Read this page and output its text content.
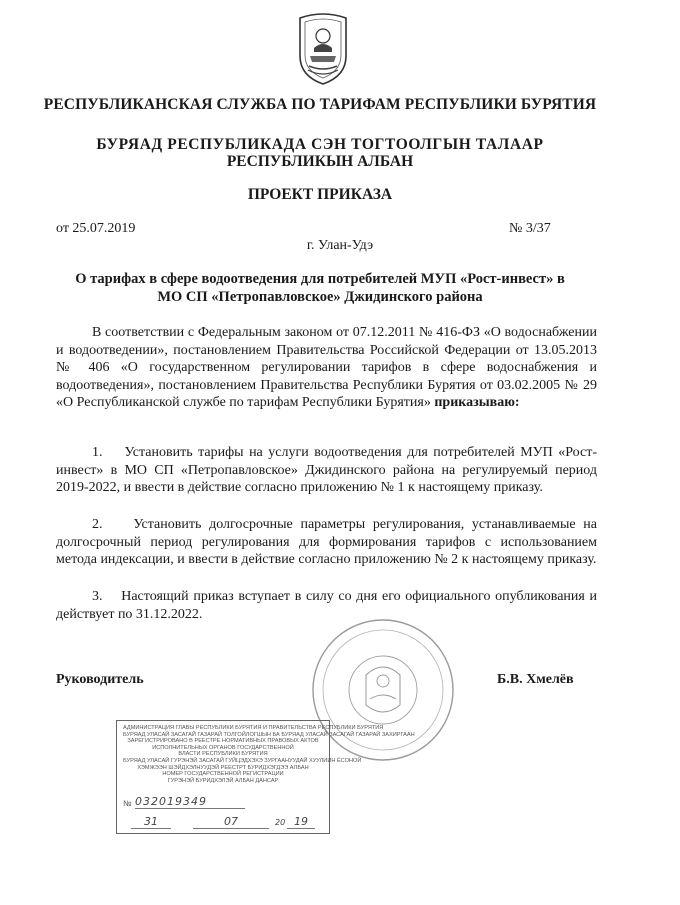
РЕСПУБЛИКАНСКАЯ СЛУЖБА ПО ТАРИФАМ РЕСПУБЛИКИ БУРЯТИЯ
БУРЯАД РЕСПУБЛИКАДА СЭН ТОГТООЛГЫН ТАЛААР
РЕСПУБЛИКЫН АЛБАН
ПРОЕКТ ПРИКАЗА
от 25.07.2019	№ 3/37
г. Улан-Удэ
О тарифах в сфере водоотведения для потребителей МУП «Рост-инвест» в
МО СП «Петропавловское» Джидинского района
В соответствии с Федеральным законом от 07.12.2011 № 416-ФЗ «О водоснабжении и водоотведении», постановлением Правительства Российской Федерации от 13.05.2013 № 406 «О государственном регулировании тарифов в сфере водоснабжения и водоотведения», постановлением Правительства Республики Бурятия от 03.02.2005 № 29 «О Республиканской службе по тарифам Республики Бурятия» приказываю:
1. Установить тарифы на услуги водоотведения для потребителей МУП «Рост-инвест» в МО СП «Петропавловское» Джидинского района на регулируемый период 2019-2022, и ввести в действие согласно приложению № 1 к настоящему приказу.
2. Установить долгосрочные параметры регулирования, устанавливаемые на долгосрочный период регулирования для формирования тарифов с использованием метода индексации, и ввести в действие согласно приложению № 2 к настоящему приказу.
3. Настоящий приказ вступает в силу со дня его официального опубликования и действует по 31.12.2022.
Руководитель	Б.В. Хмелёв
АДМИНИСТРАЦИЯ ГЛАВЫ РЕСПУБЛИКИ БУРЯТИЯ И ПРАВИТЕЛЬСТВА РЕСПУБЛИКИ БУРЯТИЯ
БУРЯАД УЛАСАЙ ЗАСАГАЙ ГАЗАРАЙ ТОЛГОЙЛОГШЫН БА БУРЯАД УЛАСАЙ ЗАСАГАЙ ГАЗАРАЙ ЗАХИРГААН
ЗАРЕГИСТРИРОВАНО В РЕЕСТРЕ НОРМАТИВНЫХ ПРАВОВЫХ АКТОВ
ИСПОЛНИТЕЛЬНЫХ ОРГАНОВ ГОСУДАРСТВЕННОЙ
ВЛАСТИ РЕСПУБЛИКИ БУРЯТИЯ
БУРЯАД УЛАСАЙ ГУРЭНЭЙ ЗАСАГАЙ ГУЙЦЭДХЭХЭ ЗУРГААНУУДАЙ ХУУЛИИН ЁСОНОЙ
ХЭМЖЭЭН ШЭЙДХЭЛНУУДЭЙ РЕЕСТРТ БУРИДХЭГДЭЭ АЛБАН
НОМЕР ГОСУДАРСТВЕННОЙ РЕГИСТРАЦИИ
ГУРЭНЭЙ БУРИДХЭЛЭЙ АЛБАН ДАНСАР
№ 032019349
31	07	20 19
